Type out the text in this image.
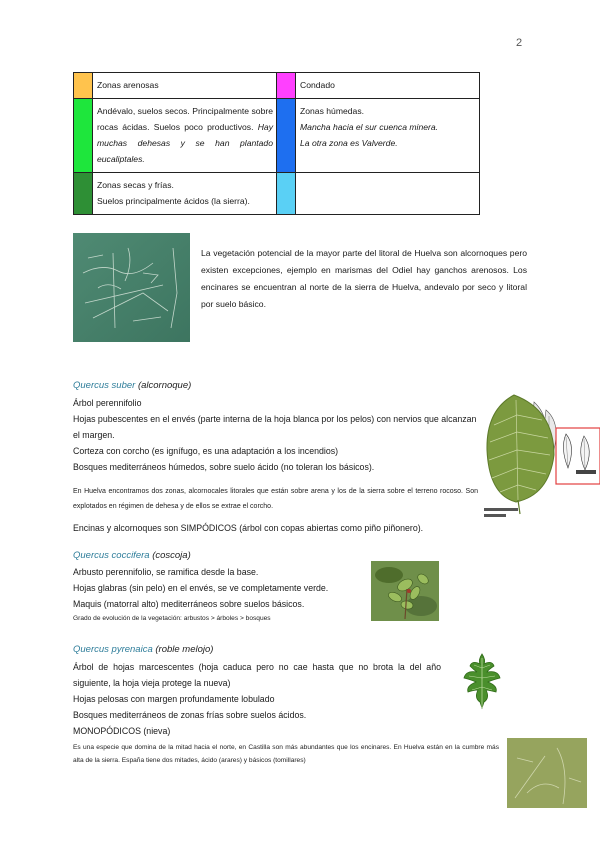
2
	Zonas arenosas		Condado
	Andévalo, suelos secos. Principalmente sobre rocas ácidas. Suelos poco productivos. Hay muchas dehesas y se han plantado eucaliptales.		Zonas húmedas.
Mancha hacia el sur cuenca minera.
La otra zona es Valverde.

	Zonas secas y frías.
Suelos principalmente ácidos (la sierra).		

La vegetación potencial de la mayor parte del litoral de Huelva son alcornoques pero existen excepciones, ejemplo en marismas del Odiel hay ganchos arenosos. Los encinares se encuentran al norte de la sierra de Huelva, andevalo por seco y litoral por suelo básico.
Quercus suber (alcornoque)
Árbol perennifolio
Hojas pubescentes en el envés (parte interna de la hoja blanca por los pelos) con nervios que alcanzan el margen.
Corteza con corcho (es ignífugo, es una adaptación a los incendios)
Bosques mediterráneos húmedos, sobre suelo ácido (no toleran los básicos).
En Huelva encontramos dos zonas, alcornocales litorales que están sobre arena y los de la sierra sobre el terreno rocoso. Son explotados en régimen de dehesa y de ellos se extrae el corcho.
Encinas y alcornoques son SIMPÓDICOS (árbol con copas abiertas como piño piñonero).
Quercus coccifera (coscoja)
Arbusto perennifolio, se ramifica desde la base.
Hojas glabras (sin pelo) en el envés, se ve completamente verde.
Maquis (matorral alto) mediterráneos sobre suelos básicos.
Grado de evolución de la vegetación: arbustos > árboles > bosques
Quercus pyrenaica (roble melojo)
Árbol de hojas marcescentes (hoja caduca pero no cae hasta que no brota la del año siguiente, la hoja vieja protege la nueva)
Hojas pelosas con margen profundamente lobulado
Bosques mediterráneos de zonas frías sobre suelos ácidos.
MONOPÓDICOS (nieva)
Es una especie que domina de la mitad hacia el norte, en Castilla son más abundantes que los encinares. En Huelva están en la cumbre más alta de la sierra. España tiene dos mitades, ácido (arares) y básicos (tomillares)
